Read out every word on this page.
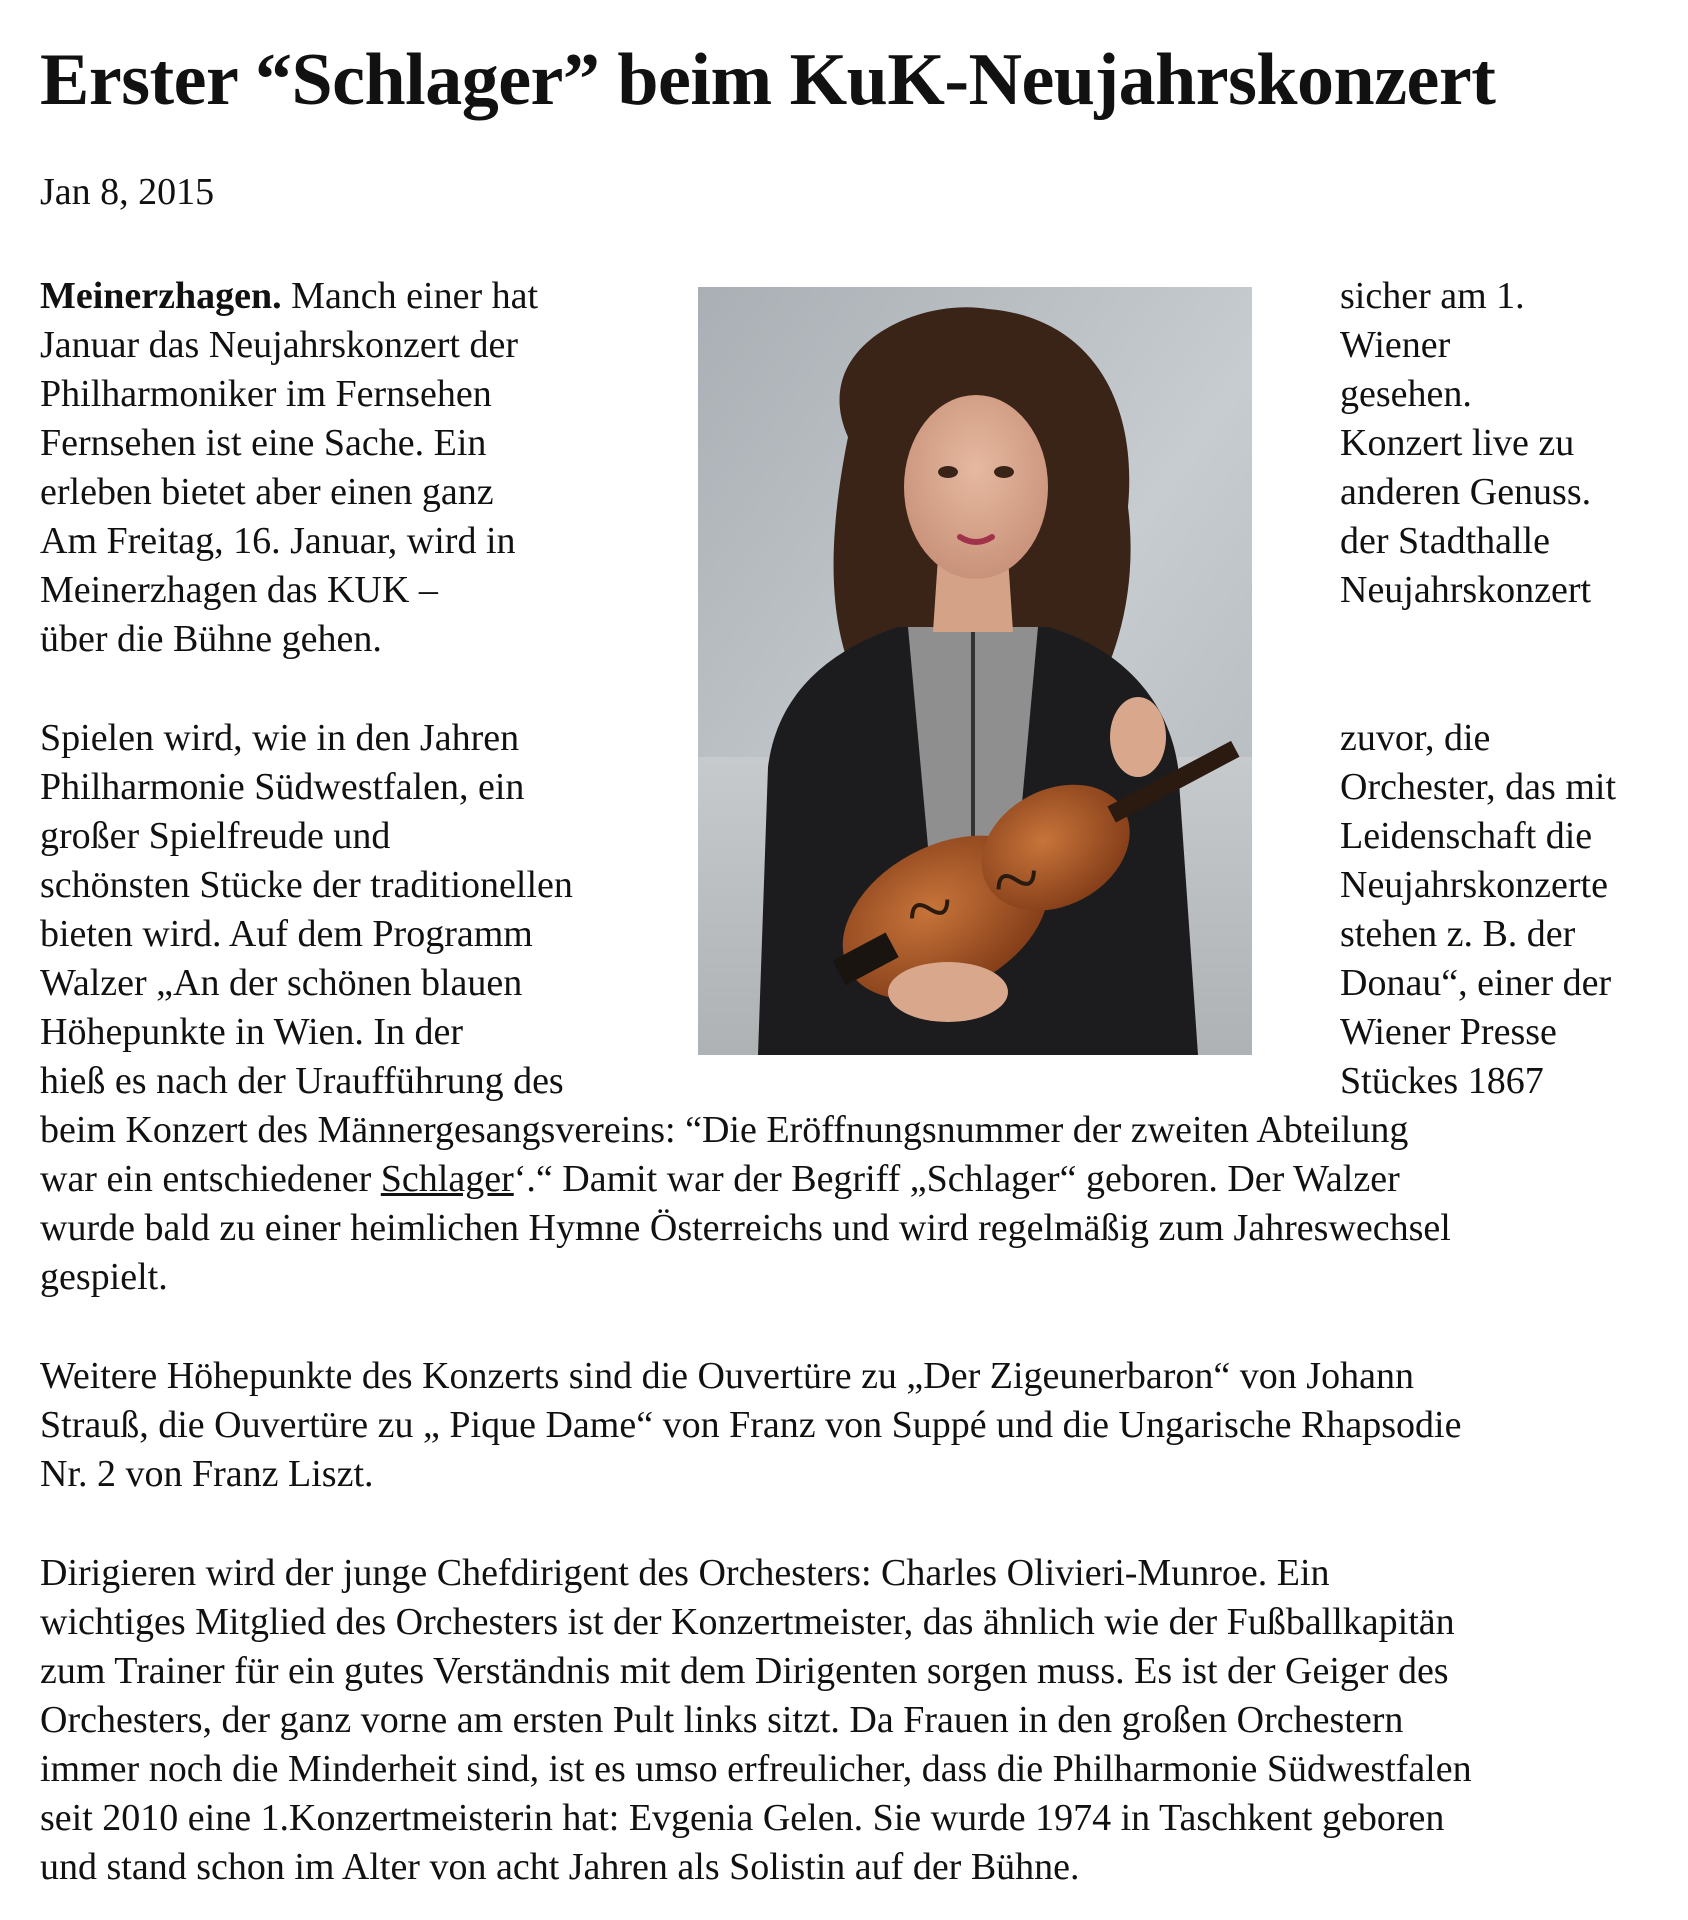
Erster “Schlager” beim KuK-Neujahrskonzert
Jan 8, 2015
Meinerzhagen. Manch einer hat
Januar das Neujahrskonzert der
Philharmoniker im Fernsehen
Fernsehen ist eine Sache. Ein
erleben bietet aber einen ganz
Am Freitag, 16. Januar, wird in
Meinerzhagen das KUK –
über die Bühne gehen.
sicher am 1.
Wiener
gesehen.
Konzert live zu
anderen Genuss.
der Stadthalle
Neujahrskonzert
Spielen wird, wie in den Jahren
Philharmonie Südwestfalen, ein
großer Spielfreude und
schönsten Stücke der traditionellen
bieten wird. Auf dem Programm
Walzer „An der schönen blauen
Höhepunkte in Wien. In der
hieß es nach der Uraufführung des
zuvor, die
Orchester, das mit
Leidenschaft die
Neujahrskonzerte
stehen z. B. der
Donau“, einer der
Wiener Presse
Stückes 1867
beim Konzert des Männergesangsvereins: “Die Eröffnungsnummer der zweiten Abteilung
war ein entschiedener Schlager‘.“ Damit war der Begriff „Schlager“ geboren. Der Walzer
wurde bald zu einer heimlichen Hymne Österreichs und wird regelmäßig zum Jahreswechsel
gespielt.
Weitere Höhepunkte des Konzerts sind die Ouvertüre zu „Der Zigeunerbaron“ von Johann
Strauß, die Ouvertüre zu „ Pique Dame“ von Franz von Suppé und die Ungarische Rhapsodie
Nr. 2 von Franz Liszt.
Dirigieren wird der junge Chefdirigent des Orchesters: Charles Olivieri-Munroe. Ein
wichtiges Mitglied des Orchesters ist der Konzertmeister, das ähnlich wie der Fußballkapitän
zum Trainer für ein gutes Verständnis mit dem Dirigenten sorgen muss. Es ist der Geiger des
Orchesters, der ganz vorne am ersten Pult links sitzt. Da Frauen in den großen Orchestern
immer noch die Minderheit sind, ist es umso erfreulicher, dass die Philharmonie Südwestfalen
seit 2010 eine 1.Konzertmeisterin hat: Evgenia Gelen. Sie wurde 1974 in Taschkent geboren
und stand schon im Alter von acht Jahren als Solistin auf der Bühne.
